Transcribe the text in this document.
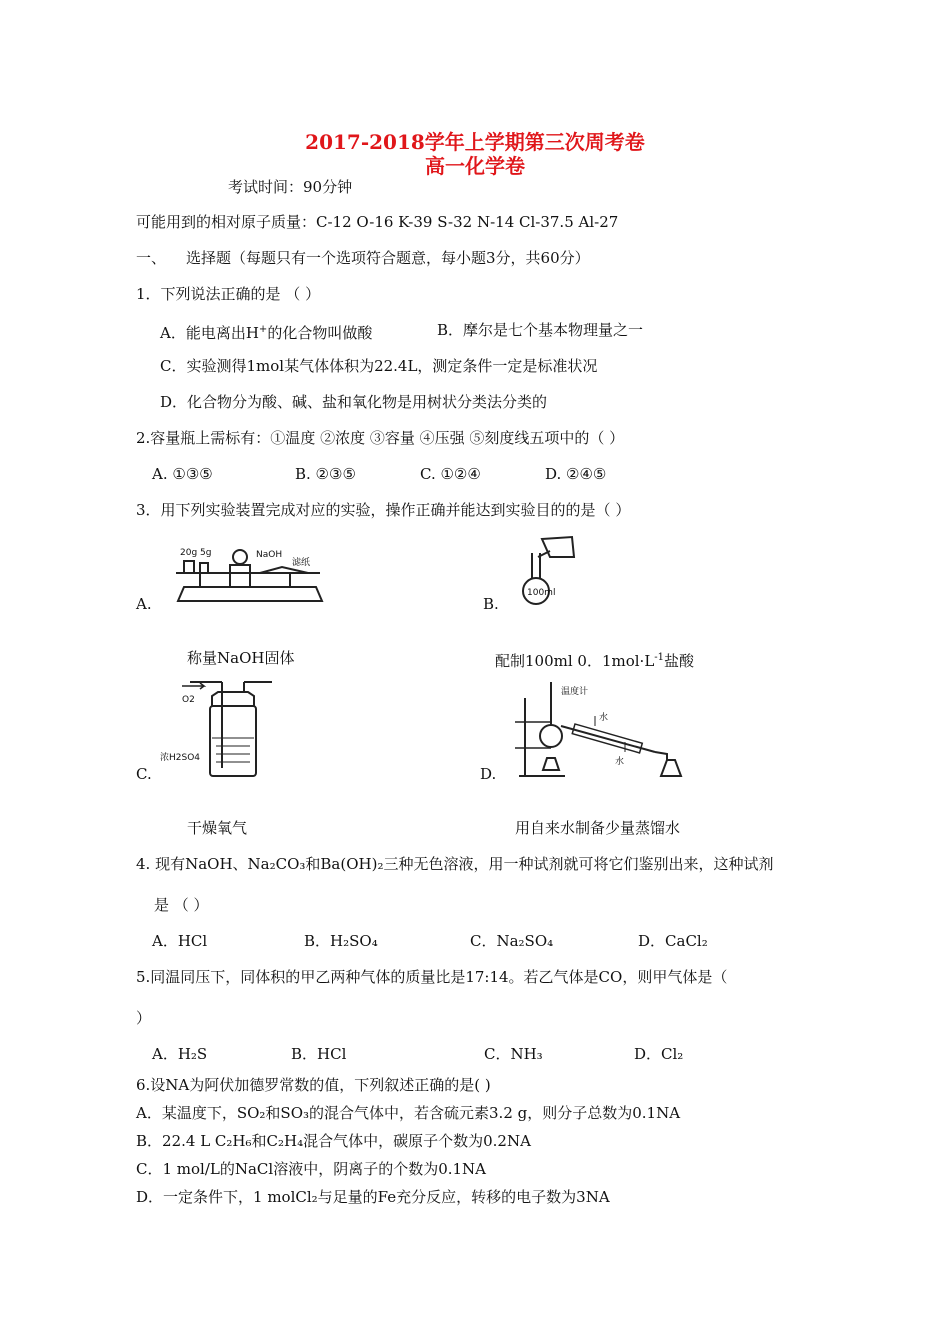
2017-2018学年上学期第三次周考卷
高一化学卷
考试时间：90分钟
可能用到的相对原子质量：C-12 O-16 K-39 S-32 N-14 Cl-37.5 Al-27
一、 选择题（每题只有一个选项符合题意，每小题3分，共60分）
1．下列说法正确的是 （ ）
A．能电离出H+的化合物叫做酸	B．摩尔是七个基本物理量之一
C．实验测得1mol某气体体积为22.4L，测定条件一定是标准状况
D．化合物分为酸、碱、盐和氧化物是用树状分类法分类的
2.容量瓶上需标有：①温度 ②浓度 ③容量 ④压强 ⑤刻度线五项中的（ ）
A. ①③⑤	B. ②③⑤	C. ①②④	D. ②④⑤
3．用下列实验装置完成对应的实验，操作正确并能达到实验目的的是（ ）
A.	B.
20g 5g	NaOH
滤纸
100ml
称量NaOH固体	配制100ml 0．$1mol\cdot L^{-1}$盐酸
C.	D.
O2
浓H2SO4
温度计
水
水
干燥氧气	用自来水制备少量蒸馏水
4. 现有NaOH、Na₂CO₃和Ba(OH)₂三种无色溶液，用一种试剂就可将它们鉴别出来，这种试剂
是 （ ）
A．HCl	B．H₂SO₄	C．Na₂SO₄	D．CaCl₂
5.同温同压下，同体积的甲乙两种气体的质量比是17:14。若乙气体是CO，则甲气体是（
）
A．H₂S	B．HCl	C．NH₃	D．Cl₂
6.设NA为阿伏加德罗常数的值，下列叙述正确的是( )
A．某温度下，SO₂和SO₃的混合气体中，若含硫元素3.2 g，则分子总数为0.1NA
B．22.4 L C₂H₆和C₂H₄混合气体中，碳原子个数为0.2NA
C．1 mol/L的NaCl溶液中，阴离子的个数为0.1NA
D．一定条件下，1 molCl₂与足量的Fe充分反应，转移的电子数为3NA
